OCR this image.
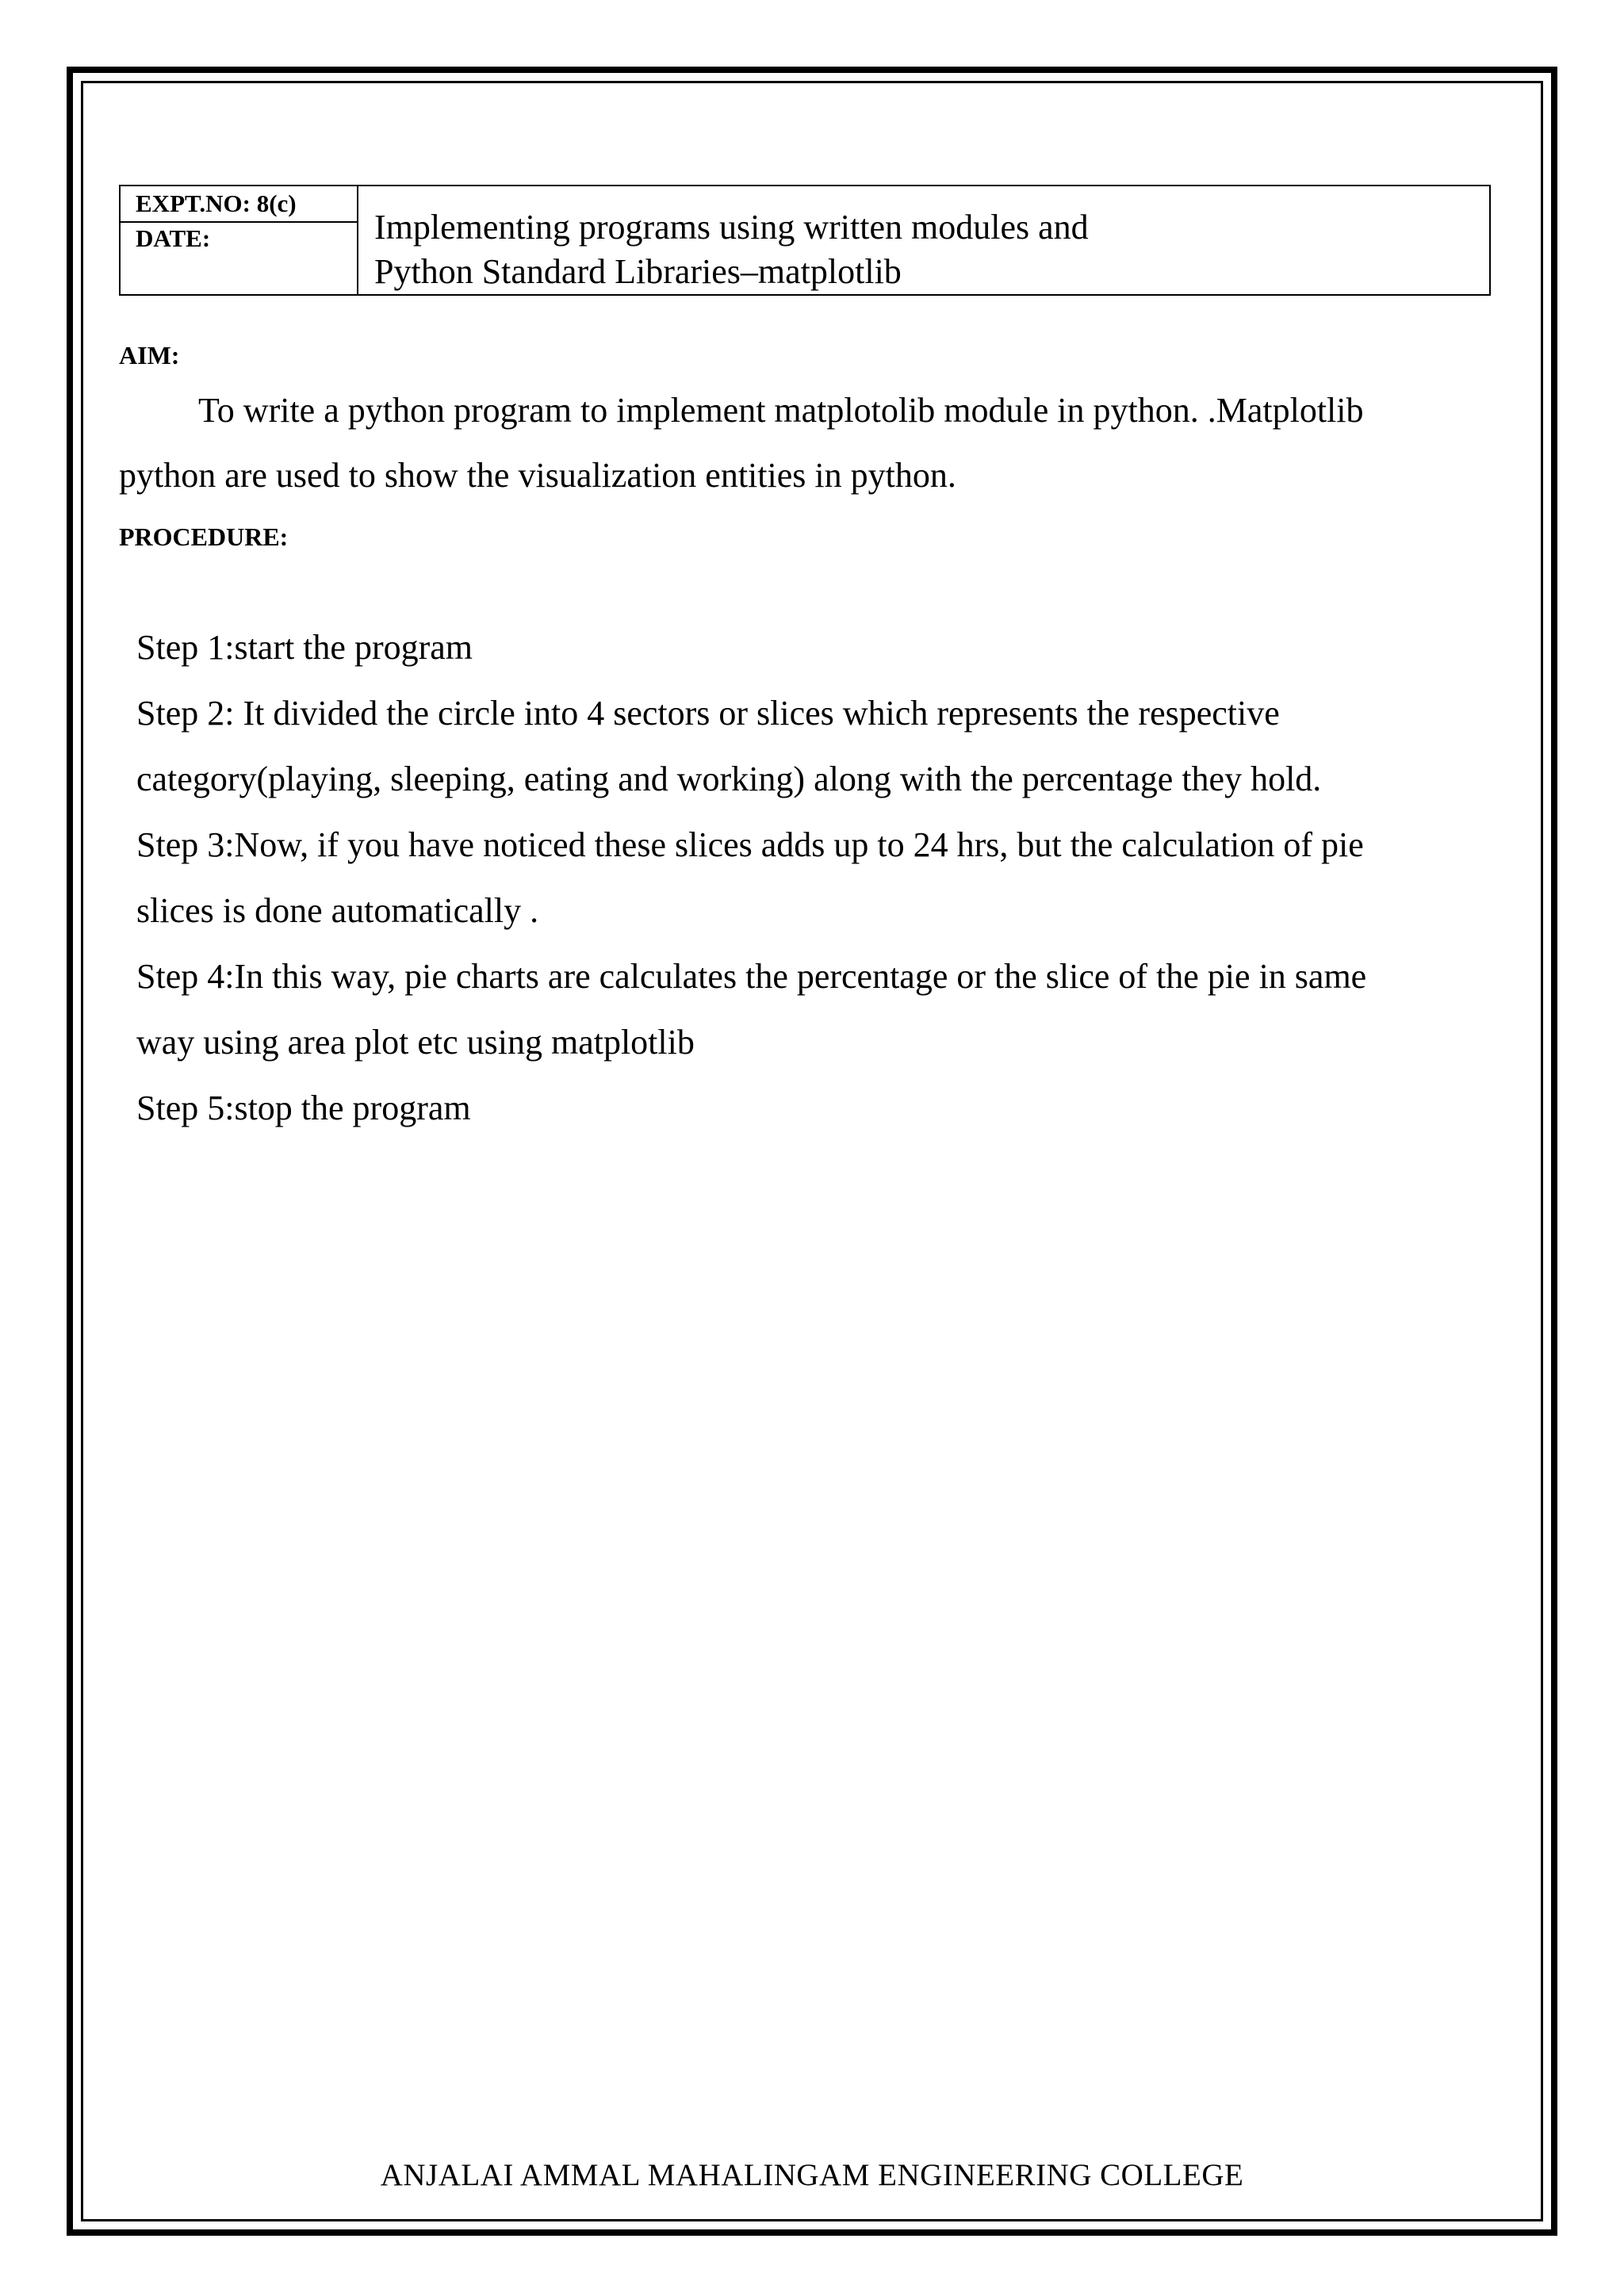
EXPT.NO: 8(c)
DATE:	Implementing programs using written modules and
Python Standard Libraries–matplotlib
AIM:
To write a python program to implement matplotolib module in python. .Matplotlib
python are used to show the visualization entities in python.
PROCEDURE:
Step 1:start the program
Step 2: It divided the circle into 4 sectors or slices which represents the respective
category(playing, sleeping, eating and working) along with the percentage they hold.
Step 3:Now, if you have noticed these slices adds up to 24 hrs, but the calculation of pie
slices is done automatically .
Step 4:In this way, pie charts are calculates the percentage or the slice of the pie in same
way using area plot etc using matplotlib
Step 5:stop the program
ANJALAI AMMAL MAHALINGAM ENGINEERING COLLEGE
